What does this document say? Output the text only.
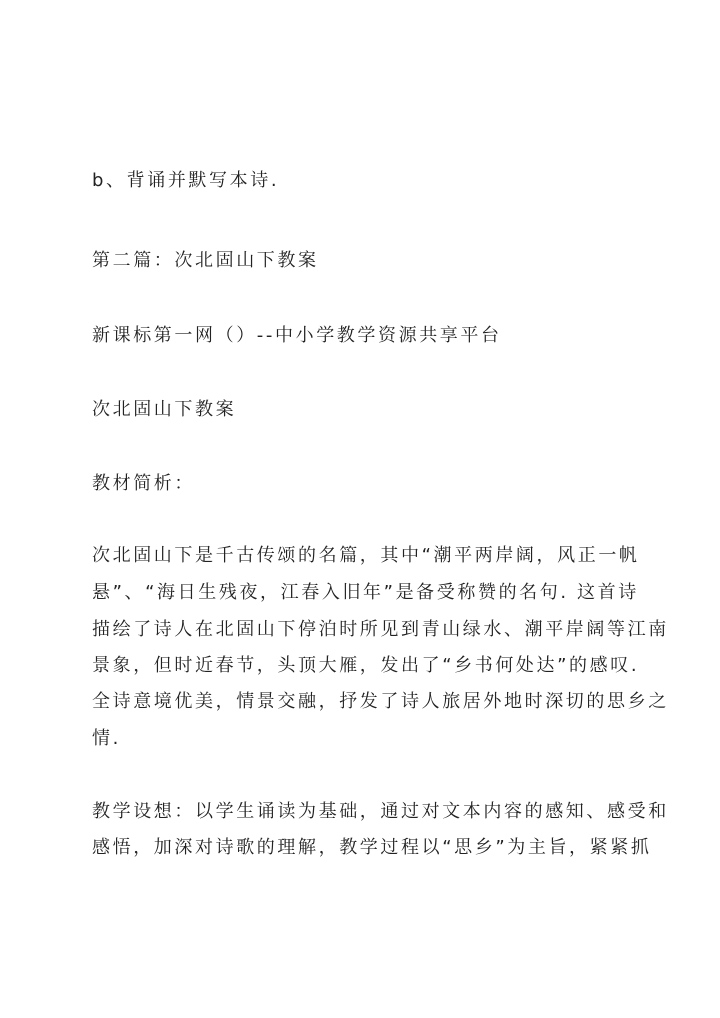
b、背诵并默写本诗.
第二篇：次北固山下教案
新课标第一网（）--中小学教学资源共享平台
次北固山下教案
教材简析：
次北固山下是千古传颂的名篇，其中“潮平两岸阔，风正一帆
悬”、“海日生残夜，江春入旧年”是备受称赞的名句. 这首诗
描绘了诗人在北固山下停泊时所见到青山绿水、潮平岸阔等江南
景象，但时近春节，头顶大雁，发出了“乡书何处达”的感叹.
全诗意境优美，情景交融，抒发了诗人旅居外地时深切的思乡之
情.
教学设想：以学生诵读为基础，通过对文本内容的感知、感受和
感悟，加深对诗歌的理解，教学过程以“思乡”为主旨，紧紧抓
